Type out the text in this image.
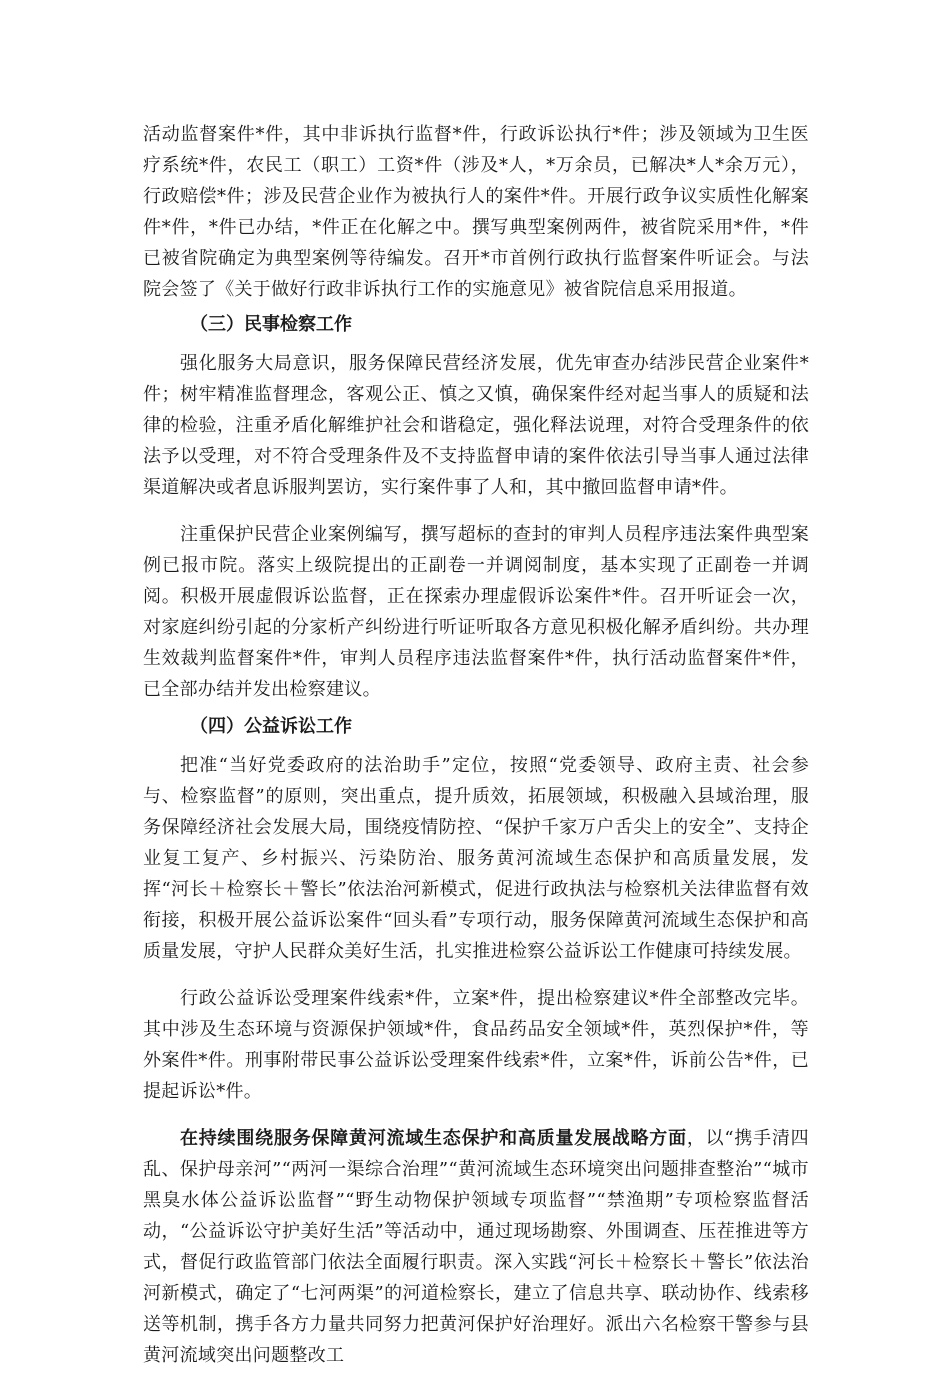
活动监督案件*件，其中非诉执行监督*件，行政诉讼执行*件；涉及领域为卫生医疗系统*件，农民工（职工）工资*件（涉及*人，*万余员，已解决*人*余万元），行政赔偿*件；涉及民营企业作为被执行人的案件*件。开展行政争议实质性化解案件*件，*件已办结，*件正在化解之中。撰写典型案例两件，被省院采用*件，*件已被省院确定为典型案例等待编发。召开*市首例行政执行监督案件听证会。与法院会签了《关于做好行政非诉执行工作的实施意见》被省院信息采用报道。

（三）民事检察工作

强化服务大局意识，服务保障民营经济发展，优先审查办结涉民营企业案件*件；树牢精准监督理念，客观公正、慎之又慎，确保案件经对起当事人的质疑和法律的检验，注重矛盾化解维护社会和谐稳定，强化释法说理，对符合受理条件的依法予以受理，对不符合受理条件及不支持监督申请的案件依法引导当事人通过法律渠道解决或者息诉服判罢访，实行案件事了人和，其中撤回监督申请*件。

注重保护民营企业案例编写，撰写超标的查封的审判人员程序违法案件典型案例已报市院。落实上级院提出的正副卷一并调阅制度，基本实现了正副卷一并调阅。积极开展虚假诉讼监督，正在探索办理虚假诉讼案件*件。召开听证会一次，对家庭纠纷引起的分家析产纠纷进行听证听取各方意见积极化解矛盾纠纷。共办理生效裁判监督案件*件，审判人员程序违法监督案件*件，执行活动监督案件*件，已全部办结并发出检察建议。

（四）公益诉讼工作

把准“当好党委政府的法治助手”定位，按照“党委领导、政府主责、社会参与、检察监督”的原则，突出重点，提升质效，拓展领域，积极融入县域治理，服务保障经济社会发展大局，围绕疫情防控、“保护千家万户舌尖上的安全”、支持企业复工复产、乡村振兴、污染防治、服务黄河流域生态保护和高质量发展，发挥“河长＋检察长＋警长”依法治河新模式，促进行政执法与检察机关法律监督有效衔接，积极开展公益诉讼案件“回头看”专项行动，服务保障黄河流域生态保护和高质量发展，守护人民群众美好生活，扎实推进检察公益诉讼工作健康可持续发展。

行政公益诉讼受理案件线索*件，立案*件，提出检察建议*件全部整改完毕。其中涉及生态环境与资源保护领域*件，食品药品安全领域*件，英烈保护*件，等外案件*件。刑事附带民事公益诉讼受理案件线索*件，立案*件，诉前公告*件，已提起诉讼*件。

在持续围绕服务保障黄河流域生态保护和高质量发展战略方面，以“携手清四乱、保护母亲河”“两河一渠综合治理”“黄河流域生态环境突出问题排查整治”“城市黑臭水体公益诉讼监督”“野生动物保护领域专项监督”“禁渔期”专项检察监督活动，“公益诉讼守护美好生活”等活动中，通过现场勘察、外围调查、压茬推进等方式，督促行政监管部门依法全面履行职责。深入实践“河长＋检察长＋警长”依法治河新模式，确定了“七河两渠”的河道检察长，建立了信息共享、联动协作、线索移送等机制，携手各方力量共同努力把黄河保护好治理好。派出六名检察干警参与县黄河流域突出问题整改工
